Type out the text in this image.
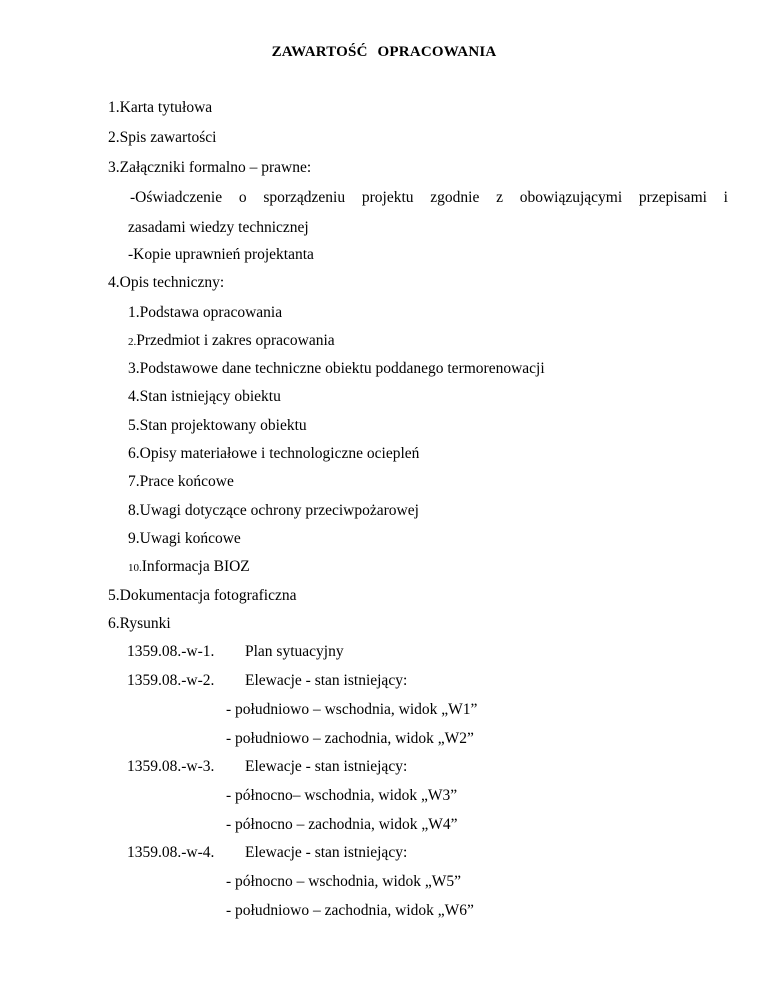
ZAWARTOŚĆ OPRACOWANIA
1.Karta tytułowa
2.Spis zawartości
3.Załączniki formalno – prawne:
-Oświadczenie o sporządzeniu projektu zgodnie z obowiązującymi przepisami i
zasadami wiedzy technicznej
-Kopie uprawnień projektanta
4.Opis techniczny:
1.Podstawa opracowania
2.Przedmiot i zakres opracowania
3.Podstawowe dane techniczne obiektu poddanego termorenowacji
4.Stan istniejący obiektu
5.Stan projektowany obiektu
6.Opisy materiałowe i technologiczne ociepleń
7.Prace końcowe
8.Uwagi dotyczące ochrony przeciwpożarowej
9.Uwagi końcowe
10.Informacja BIOZ
5.Dokumentacja fotograficzna
6.Rysunki
1359.08.-w-1. Plan sytuacyjny
1359.08.-w-2. Elewacje - stan istniejący:
- południowo – wschodnia, widok „W1”
- południowo – zachodnia, widok „W2”
1359.08.-w-3. Elewacje - stan istniejący:
- północno– wschodnia, widok „W3”
- północno – zachodnia, widok „W4”
1359.08.-w-4. Elewacje - stan istniejący:
- północno – wschodnia, widok „W5”
- południowo – zachodnia, widok „W6”
